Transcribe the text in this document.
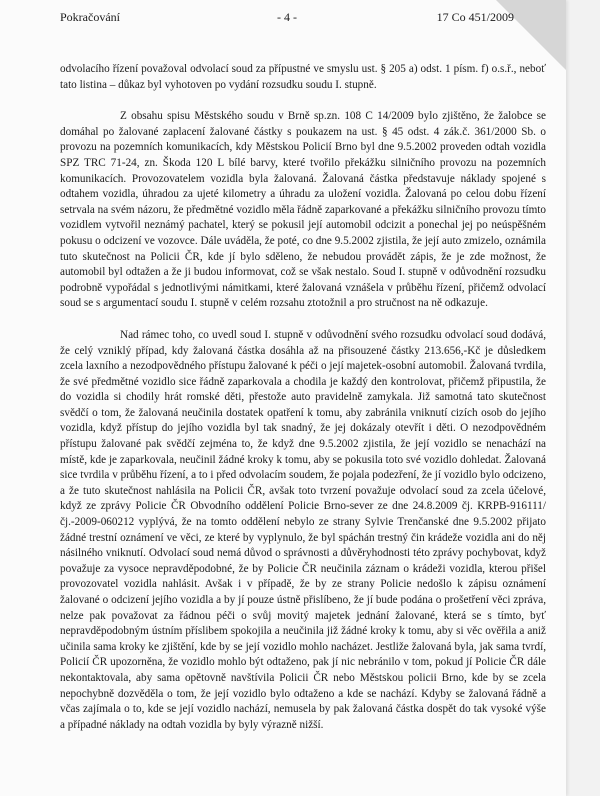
Pokračování	- 4 -	17 Co 451/2009

odvolacího řízení považoval odvolací soud za přípustné ve smyslu ust. § 205 a) odst. 1 písm. f) o.s.ř., neboť tato listina – důkaz byl vyhotoven po vydání rozsudku soudu I. stupně.

Z obsahu spisu Městského soudu v Brně sp.zn. 108 C 14/2009 bylo zjištěno, že žalobce se domáhal po žalované zaplacení žalované částky s poukazem na ust. § 45 odst. 4 zák.č. 361/2000 Sb. o provozu na pozemních komunikacích, kdy Městskou Policií Brno byl dne 9.5.2002 proveden odtah vozidla SPZ TRC 71-24, zn. Škoda 120 L bílé barvy, které tvořilo překážku silničního provozu na pozemních komunikacích. Provozovatelem vozidla byla žalovaná. Žalovaná částka představuje náklady spojené s odtahem vozidla, úhradou za ujeté kilometry a úhradu za uložení vozidla. Žalovaná po celou dobu řízení setrvala na svém názoru, že předmětné vozidlo měla řádně zaparkované a překážku silničního provozu tímto vozidlem vytvořil neznámý pachatel, který se pokusil její automobil odcizit a ponechal jej po neúspěšném pokusu o odcizení ve vozovce. Dále uváděla, že poté, co dne 9.5.2002 zjistila, že její auto zmizelo, oznámila tuto skutečnost na Policii ČR, kde jí bylo sděleno, že nebudou provádět zápis, že je zde možnost, že automobil byl odtažen a že ji budou informovat, což se však nestalo. Soud I. stupně v odůvodnění rozsudku podrobně vypořádal s jednotlivými námitkami, které žalovaná vznášela v průběhu řízení, přičemž odvolací soud se s argumentací soudu I. stupně v celém rozsahu ztotožnil a pro stručnost na ně odkazuje.

Nad rámec toho, co uvedl soud I. stupně v odůvodnění svého rozsudku odvolací soud dodává, že celý vzniklý případ, kdy žalovaná částka dosáhla až na přisouzené částky 213.656,-Kč je důsledkem zcela laxního a nezodpovědného přístupu žalované k péči o její majetek-osobní automobil. Žalovaná tvrdila, že své předmětné vozidlo sice řádně zaparkovala a chodila je každý den kontrolovat, přičemž připustila, že do vozidla si chodily hrát romské děti, přestože auto pravidelně zamykala. Již samotná tato skutečnost svědčí o tom, že žalovaná neučinila dostatek opatření k tomu, aby zabránila vniknutí cizích osob do jejího vozidla, když přístup do jejího vozidla byl tak snadný, že jej dokázaly otevřít i děti. O nezodpovědném přístupu žalované pak svědčí zejména to, že když dne 9.5.2002 zjistila, že její vozidlo se nenachází na místě, kde je zaparkovala, neučinil žádné kroky k tomu, aby se pokusila toto své vozidlo dohledat. Žalovaná sice tvrdila v průběhu řízení, a to i před odvolacím soudem, že pojala podezření, že jí vozidlo bylo odcizeno, a že tuto skutečnost nahlásila na Policii ČR, avšak toto tvrzení považuje odvolací soud za zcela účelové, když ze zprávy Policie ČR Obvodního oddělení Policie Brno-sever ze dne 24.8.2009 čj. KRPB-916111/čj.-2009-060212 vyplývá, že na tomto oddělení nebylo ze strany Sylvie Trenčanské dne 9.5.2002 přijato žádné trestní oznámení ve věci, ze které by vyplynulo, že byl spáchán trestný čin krádeže vozidla ani do něj násilného vniknutí. Odvolací soud nemá důvod o správnosti a důvěryhodnosti této zprávy pochybovat, když považuje za vysoce nepravděpodobné, že by Policie ČR neučinila záznam o krádeži vozidla, kterou přišel provozovatel vozidla nahlásit. Avšak i v případě, že by ze strany Policie nedošlo k zápisu oznámení žalované o odcizení jejího vozidla a by jí pouze ústně přislíbeno, že jí bude podána o prošetření věci zpráva, nelze pak považovat za řádnou péči o svůj movitý majetek jednání žalované, která se s tímto, byť nepravděpodobným ústním příslibem spokojila a neučinila již žádné kroky k tomu, aby si věc ověřila a aniž učinila sama kroky ke zjištění, kde by se její vozidlo mohlo nacházet. Jestliže žalovaná byla, jak sama tvrdí, Policií ČR upozorněna, že vozidlo mohlo být odtaženo, pak jí nic nebránilo v tom, pokud jí Policie ČR dále nekontaktovala, aby sama opětovně navštívila Policii ČR nebo Městskou policii Brno, kde by se zcela nepochybně dozvěděla o tom, že její vozidlo bylo odtaženo a kde se nachází. Kdyby se žalovaná řádně a včas zajímala o to, kde se její vozidlo nachází, nemusela by pak žalovaná částka dospět do tak vysoké výše a případné náklady na odtah vozidla by byly výrazně nižší.
